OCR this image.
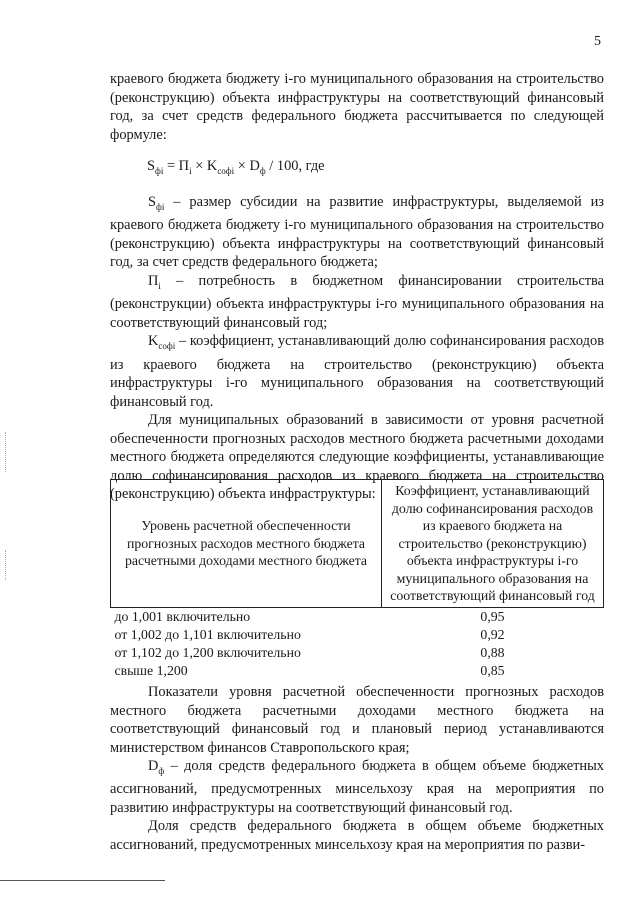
5

краевого бюджета бюджету i-го муниципального образования на строительство (реконструкцию) объекта инфраструктуры на соответствующий финансовый год, за счет средств федерального бюджета рассчитывается по следующей формуле:

$S_{фi} = П_i \times K_{софi} \times D_ф / 100$, где

$S_{фi}$ – размер субсидии на развитие инфраструктуры, выделяемой из краевого бюджета бюджету i-го муниципального образования на строительство (реконструкцию) объекта инфраструктуры на соответствующий финансовый год, за счет средств федерального бюджета;

$П_i$ – потребность в бюджетном финансировании строительства (реконструкции) объекта инфраструктуры i-го муниципального образования на соответствующий финансовый год;

$K_{софi}$ – коэффициент, устанавливающий долю софинансирования расходов из краевого бюджета на строительство (реконструкцию) объекта инфраструктуры i-го муниципального образования на соответствующий финансовый год.

Для муниципальных образований в зависимости от уровня расчетной обеспеченности прогнозных расходов местного бюджета расчетными доходами местного бюджета определяются следующие коэффициенты, устанавливающие долю софинансирования расходов из краевого бюджета на строительство (реконструкцию) объекта инфраструктуры:

Уровень расчетной обеспеченности прогнозных расходов местного бюджета расчетными доходами местного бюджета	Коэффициент, устанавливающий долю софинансирования расходов из краевого бюджета на строительство (реконструкцию) объекта инфраструктуры i-го муниципального образования на соответствующий финансовый год
до 1,001 включительно	0,95
от 1,002 до 1,101 включительно	0,92
от 1,102 до 1,200 включительно	0,88
свыше 1,200	0,85

Показатели уровня расчетной обеспеченности прогнозных расходов местного бюджета расчетными доходами местного бюджета на соответствующий финансовый год и плановый период устанавливаются министерством финансов Ставропольского края;

$D_ф$ – доля средств федерального бюджета в общем объеме бюджетных ассигнований, предусмотренных минсельхозу края на мероприятия по развитию инфраструктуры на соответствующий финансовый год.

Доля средств федерального бюджета в общем объеме бюджетных ассигнований, предусмотренных минсельхозу края на мероприятия по разви-
